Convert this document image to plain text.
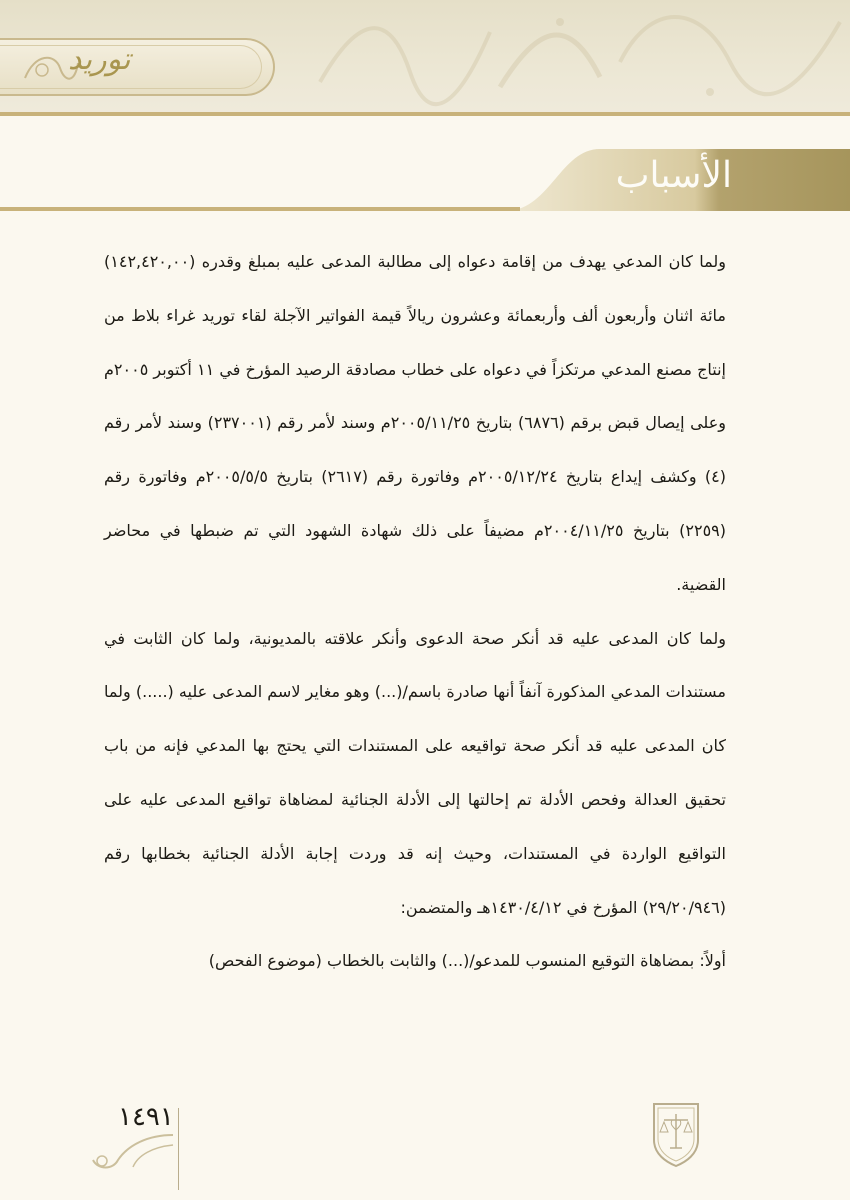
توريد
الأسباب

ولما كان المدعي يهدف من إقامة دعواه إلى مطالبة المدعى عليه بمبلغ وقدره (١٤٢,٤٢٠,٠٠) مائة اثنان وأربعون ألف وأربعمائة وعشرون ريالاً قيمة الفواتير الآجلة لقاء توريد غراء بلاط من إنتاج مصنع المدعي مرتكزاً في دعواه على خطاب مصادقة الرصيد المؤرخ في ١١ أكتوبر ٢٠٠٥م وعلى إيصال قبض برقم (٦٨٧٦) بتاريخ ٢٠٠٥/١١/٢٥م وسند لأمر رقم (٢٣٧٠٠١) وسند لأمر رقم (٤) وكشف إيداع بتاريخ ٢٠٠٥/١٢/٢٤م وفاتورة رقم (٢٦١٧) بتاريخ ٢٠٠٥/٥/٥م وفاتورة رقم (٢٢٥٩) بتاريخ ٢٠٠٤/١١/٢٥م مضيفاً على ذلك شهادة الشهود التي تم ضبطها في محاضر القضية.

ولما كان المدعى عليه قد أنكر صحة الدعوى وأنكر علاقته بالمديونية، ولما كان الثابت في مستندات المدعي المذكورة آنفاً أنها صادرة باسم/(...) وهو مغاير لاسم المدعى عليه (.....) ولما كان المدعى عليه قد أنكر صحة تواقيعه على المستندات التي يحتج بها المدعي فإنه من باب تحقيق العدالة وفحص الأدلة تم إحالتها إلى الأدلة الجنائية لمضاهاة تواقيع المدعى عليه على التواقيع الواردة في المستندات، وحيث إنه قد وردت إجابة الأدلة الجنائية بخطابها رقم (٢٩/٢٠/٩٤٦) المؤرخ في ١٤٣٠/٤/١٢هـ والمتضمن:

أولاً: بمضاهاة التوقيع المنسوب للمدعو/(...) والثابت بالخطاب (موضوع الفحص)

١٤٩١
